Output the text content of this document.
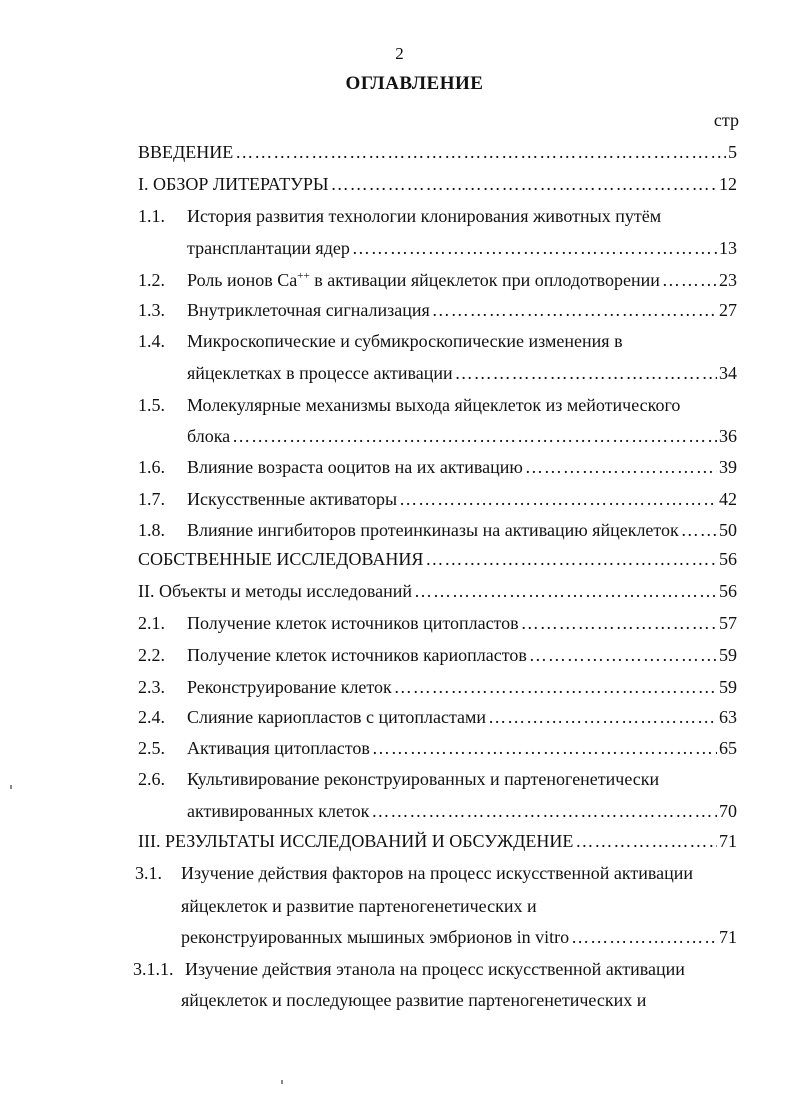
2
ОГЛАВЛЕНИЕ
стр
ВВЕДЕНИЕ ……………………………………………………………………………………………………………………………………………………………………………………	5
I. ОБЗОР ЛИТЕРАТУРЫ ……………………………………………………………………………………………………………………………………………………………………………………	12
1.1. История развития технологии клонирования животных путём
трансплантации ядер ……………………………………………………………………………………………………………………………………………………………………………………	13
1.2. Роль ионов Са++ в активации яйцеклеток при оплодотворении ……………………………………………………………………………………………………………………………………………………………………………………	23
1.3. Внутриклеточная сигнализация ……………………………………………………………………………………………………………………………………………………………………………………	27
1.4. Микроскопические и субмикроскопические изменения в
яйцеклетках в процессе активации ……………………………………………………………………………………………………………………………………………………………………………………	34
1.5. Молекулярные механизмы выхода яйцеклеток из мейотического
блока ……………………………………………………………………………………………………………………………………………………………………………………	36
1.6. Влияние возраста ооцитов на их активацию ……………………………………………………………………………………………………………………………………………………………………………………	39
1.7. Искусственные активаторы ……………………………………………………………………………………………………………………………………………………………………………………	42
1.8. Влияние ингибиторов протеинкиназы на активацию яйцеклеток …………………………………………………………………………………………………………………………………………………………………………………… 50
СОБСТВЕННЫЕ ИССЛЕДОВАНИЯ ……………………………………………………………………………………………………………………………………………………………………………………	56
II. Объекты и методы исследований ……………………………………………………………………………………………………………………………………………………………………………………	56
2.1. Получение клеток источников цитопластов ……………………………………………………………………………………………………………………………………………………………………………………	57
2.2. Получение клеток источников кариопластов ……………………………………………………………………………………………………………………………………………………………………………………	59
2.3. Реконструирование клеток ……………………………………………………………………………………………………………………………………………………………………………………	59
2.4. Слияние кариопластов с цитопластами ……………………………………………………………………………………………………………………………………………………………………………………	63
2.5. Активация цитопластов ……………………………………………………………………………………………………………………………………………………………………………………	65
2.6. Культивирование реконструированных и партеногенетически
активированных клеток ……………………………………………………………………………………………………………………………………………………………………………………	70
III. РЕЗУЛЬТАТЫ ИССЛЕДОВАНИЙ И ОБСУЖДЕНИЕ ……………………………………………………………………………………………………………………………………………………………………………………	71
3.1. Изучение действия факторов на процесс искусственной активации
яйцеклеток и развитие партеногенетических и
реконструированных мышиных эмбрионов in vitro ……………………………………………………………………………………………………………………………………………………………………………………	71
3.1.1. Изучение действия этанола на процесс искусственной активации
яйцеклеток и последующее развитие партеногенетических и
